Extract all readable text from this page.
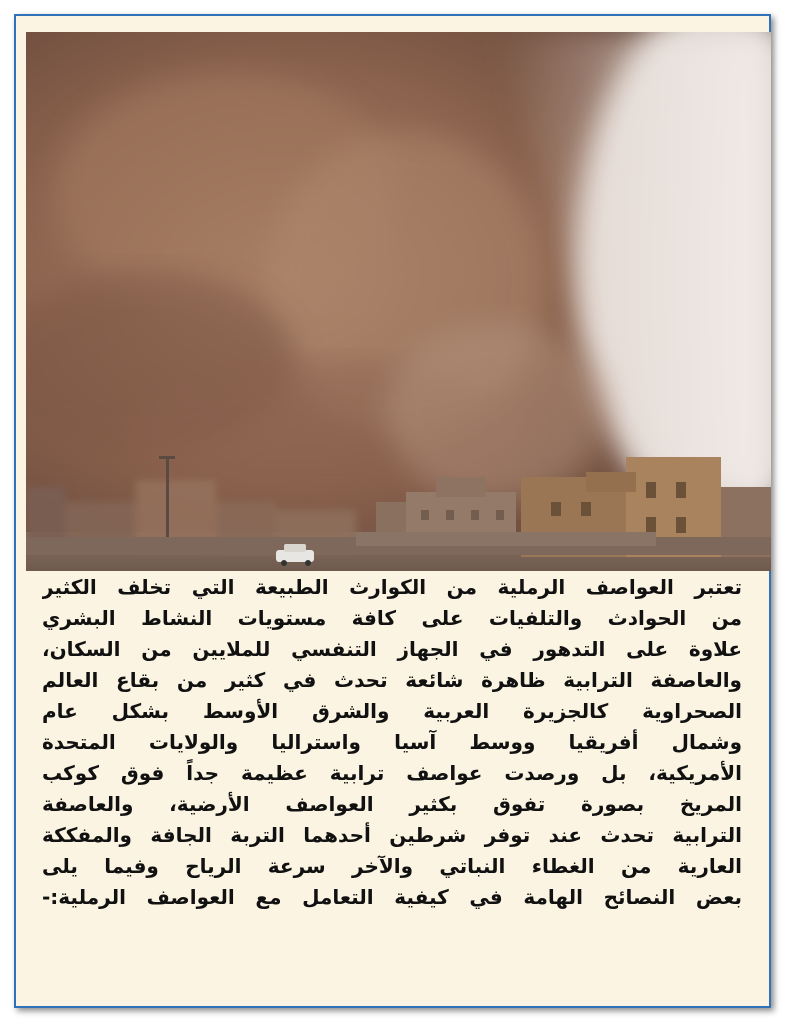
تعتبر العواصف الرملية من الكوارث الطبيعة التي تخلف الكثير
من الحوادث والتلفيات على كافة مستويات النشاط البشري
علاوة على التدهور في الجهاز التنفسي للملايين من السكان،
والعاصفة الترابية ظاهرة شائعة تحدث في كثير من بقاع العالم
الصحراوية كالجزيرة العربية والشرق الأوسط بشكل عام
وشمال أفريقيا ووسط آسيا واستراليا والولايات المتحدة
الأمريكية، بل ورصدت عواصف ترابية عظيمة جداً فوق كوكب
المريخ بصورة تفوق بكثير العواصف الأرضية، والعاصفة
الترابية تحدث عند توفر شرطين أحدهما التربة الجافة والمفككة
العارية من الغطاء النباتي والآخر سرعة الرياح وفيما يلى
بعض النصائح الهامة في كيفية التعامل مع العواصف الرملية:-
